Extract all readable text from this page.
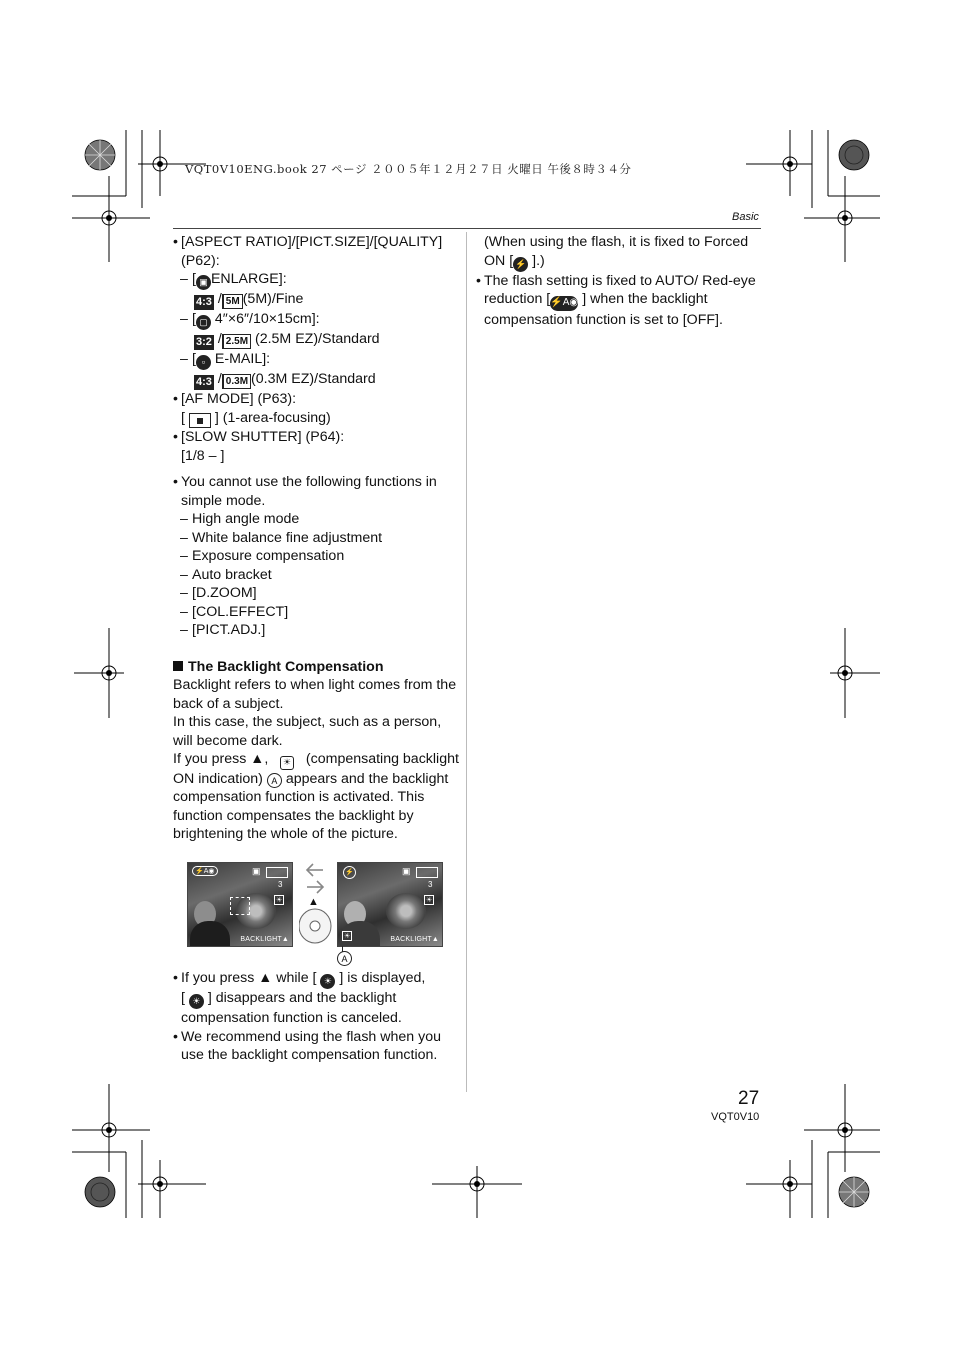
VQT0V10ENG.book 27 ページ ２００５年１２月２７日 火曜日 午後８時３４分
Basic
• [ASPECT RATIO]/[PICT.SIZE]/[QUALITY] (P62):
– [ ▣ ENLARGE]:
4:3 / 5M (5M)/Fine
– [ ▢ 4″×6″/10×15cm]:
3:2 / 2.5M (2.5M EZ)/Standard
– [ ▫ E-MAIL]:
4:3 / 0.3M (0.3M EZ)/Standard
• [AF MODE] (P63):
[
] (1-area-focusing)
• [SLOW SHUTTER] (P64):
[1/8 – ]
• You cannot use the following functions in simple mode.
– High angle mode
– White balance fine adjustment
– Exposure compensation
– Auto bracket
– [D.ZOOM]
– [COL.EFFECT]
– [PICT.ADJ.]
The Backlight Compensation
Backlight refers to when light comes from the back of a subject.
In this case, the subject, such as a person, will become dark.
If you press ▲, ☀ (compensating backlight ON indication) A appears and the backlight compensation function is activated. This function compensates the backlight by brightening the whole of the picture.
⚡A◉	▣
3
☀
BACKLIGHT▲
▲
⚡	▣
3
☀
☀	BACKLIGHT▲
A
• If you press ▲ while [ ☀ ] is displayed,
[ ☀ ] disappears and the backlight compensation function is canceled.
• We recommend using the flash when you use the backlight compensation function.
(When using the flash, it is fixed to Forced ON [ ⚡ ].)
• The flash setting is fixed to AUTO/ Red-eye reduction [⚡A◉ ] when the backlight compensation function is set to [OFF].
27
VQT0V10
